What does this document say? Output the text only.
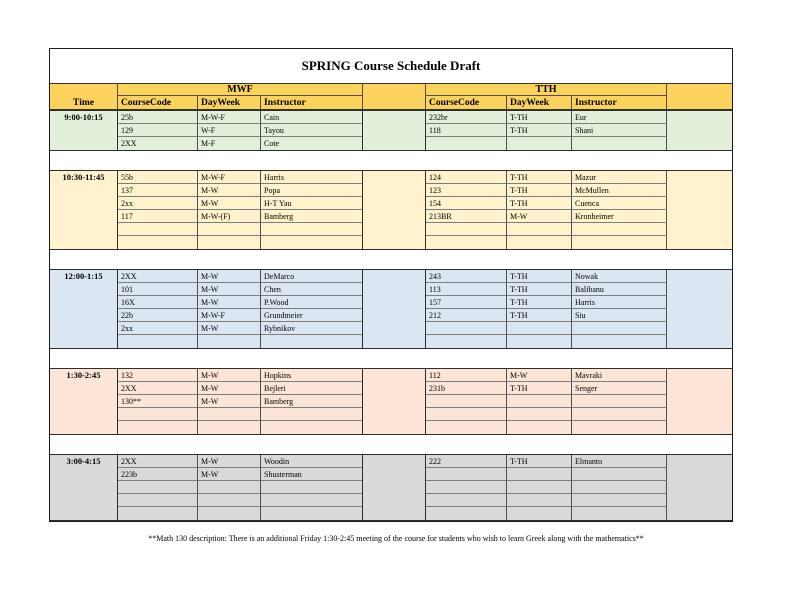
SPRING Course Schedule Draft
Time
MWF
CourseCode	DayWeek	Instructor
TTH
CourseCode	DayWeek	Instructor
9:00-10:15	25b	M-W-F	Cain	232br	T-TH	Eur
129	W-F	Tayou	118	T-TH	Shani
2XX	M-F	Cote
10:30-11:45	55b	M-W-F	Harris	124	T-TH	Mazur
137	M-W	Popa	123	T-TH	McMullen
2xx	M-W	H-T Yau	154	T-TH	Cuenca
117	M-W-(F)	Bamberg	213BR	M-W	Kronheimer
12:00-1:15	2XX	M-W	DeMarco	243	T-TH	Nowak
101	M-W	Chen	113	T-TH	Balibanu
16X	M-W	P.Wood	157	T-TH	Harris
22b	M-W-F	Grundmeier	212	T-TH	Siu
2xx	M-W	Rybnikov
1:30-2:45	132	M-W	Hopkins	112	M-W	Mavraki
2XX	M-W	Bejleri	231b	T-TH	Senger
130**	M-W	Bamberg
3:00-4:15	2XX	M-W	Woodin	222	T-TH	Elmanto
223b	M-W	Shusterman
**Math 130 description: There is an additional Friday 1:30-2:45 meeting of the course for students who wish to learn Greek along with the mathematics**
